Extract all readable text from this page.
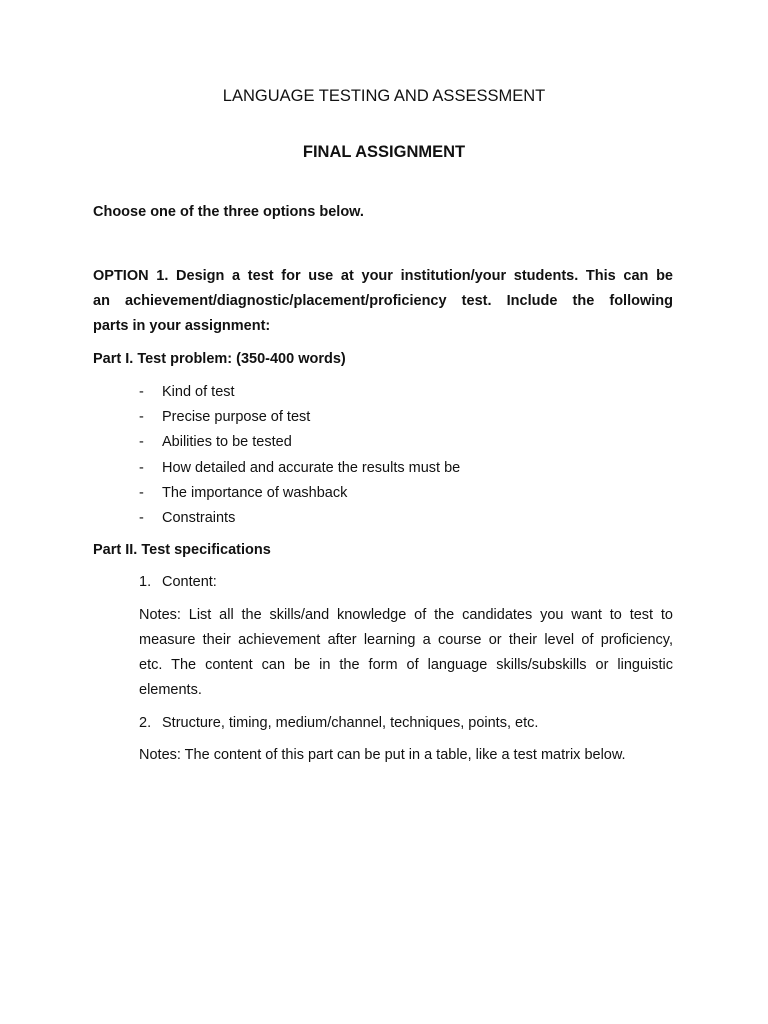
LANGUAGE TESTING AND ASSESSMENT
FINAL ASSIGNMENT
Choose one of the three options below.
OPTION 1. Design a test for use at your institution/your students. This can be
an achievement/diagnostic/placement/proficiency test. Include the following
parts in your assignment:
Part I. Test problem: (350-400 words)
- Kind of test
- Precise purpose of test
- Abilities to be tested
- How detailed and accurate the results must be
- The importance of washback
- Constraints
Part II. Test specifications
1. Content:
Notes: List all the skills/and knowledge of the candidates you want to test to
measure their achievement after learning a course or their level of proficiency,
etc. The content can be in the form of language skills/subskills or linguistic
elements.
2. Structure, timing, medium/channel, techniques, points, etc.
Notes: The content of this part can be put in a table, like a test matrix below.
